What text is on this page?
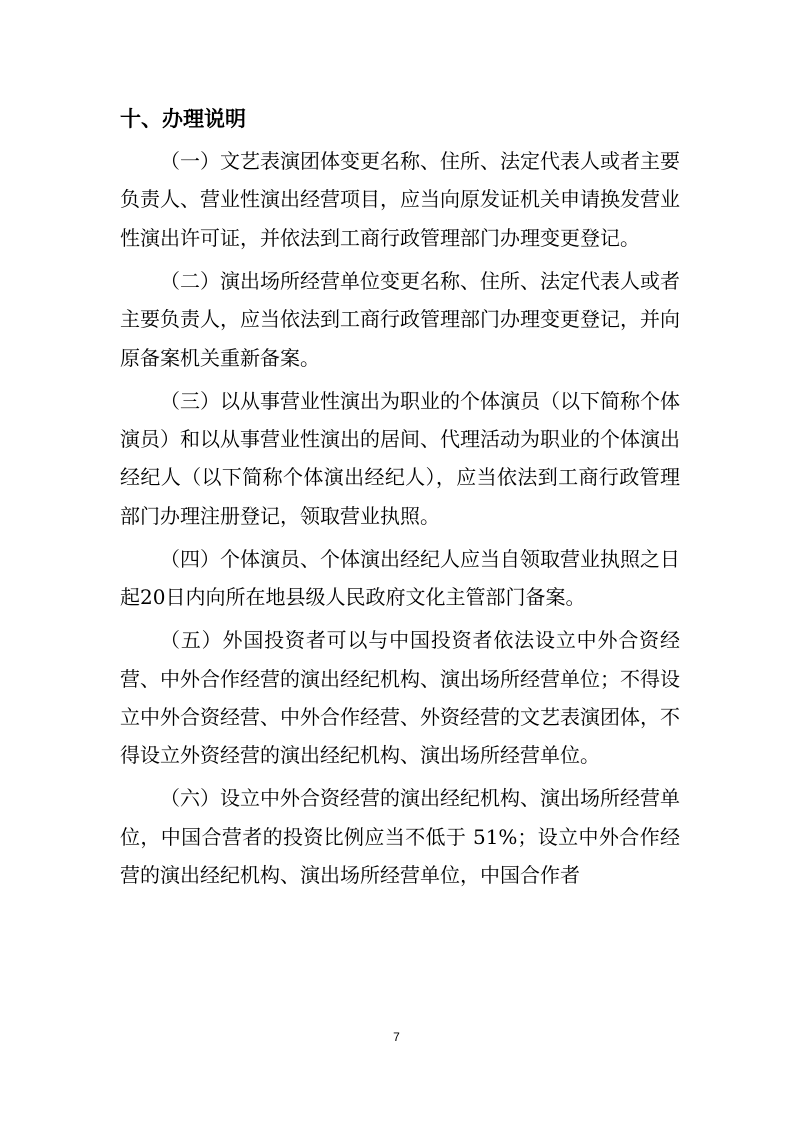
十、办理说明

（一）文艺表演团体变更名称、住所、法定代表人或者主要负责人、营业性演出经营项目，应当向原发证机关申请换发营业性演出许可证，并依法到工商行政管理部门办理变更登记。

（二）演出场所经营单位变更名称、住所、法定代表人或者主要负责人，应当依法到工商行政管理部门办理变更登记，并向原备案机关重新备案。

（三）以从事营业性演出为职业的个体演员（以下简称个体演员）和以从事营业性演出的居间、代理活动为职业的个体演出经纪人（以下简称个体演出经纪人），应当依法到工商行政管理部门办理注册登记，领取营业执照。

（四）个体演员、个体演出经纪人应当自领取营业执照之日起20日内向所在地县级人民政府文化主管部门备案。

（五）外国投资者可以与中国投资者依法设立中外合资经营、中外合作经营的演出经纪机构、演出场所经营单位；不得设立中外合资经营、中外合作经营、外资经营的文艺表演团体，不得设立外资经营的演出经纪机构、演出场所经营单位。

（六）设立中外合资经营的演出经纪机构、演出场所经营单位，中国合营者的投资比例应当不低于 51%；设立中外合作经营的演出经纪机构、演出场所经营单位，中国合作者

7
